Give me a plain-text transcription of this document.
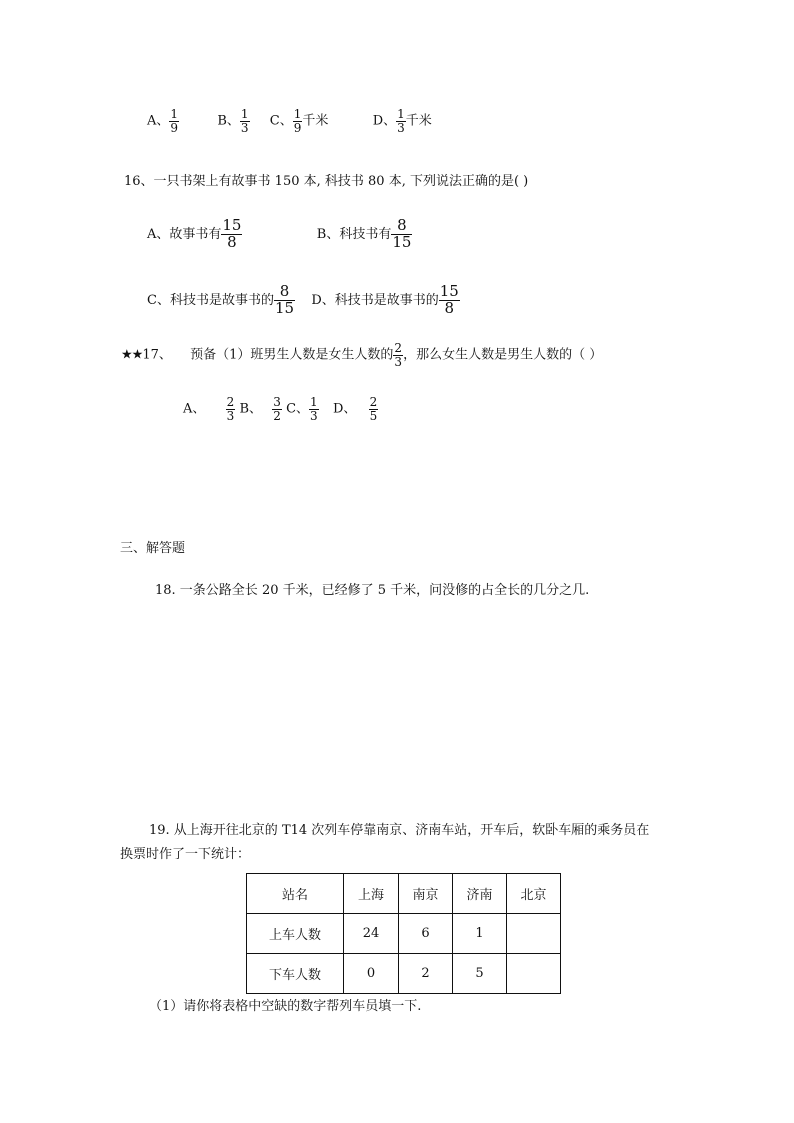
A、 $\frac{1}{9}$	B、 $\frac{1}{3}$ C、 $\frac{1}{9}$ 千米	D、 $\frac{1}{3}$ 千米
16、一只书架上有故事书 150 本, 科技书 80 本, 下列说法正确的是( )
A、故事书有 $\frac{15}{8}$	B、科技书有 $\frac{8}{15}$
C、科技书是故事书的 $\frac{8}{15}$ D、科技书是故事书的 $\frac{15}{8}$
★★17、 预备（1）班男生人数是女生人数的 $\frac{2}{3}$ ，那么女生人数是男生人数的（ ）
A、 $\frac{2}{3}$ B、 $\frac{3}{2}$ C、 $\frac{1}{3}$ D、 $\frac{2}{5}$
三、解答题
18. 一条公路全长 20 千米，已经修了 5 千米，问没修的占全长的几分之几.
19. 从上海开往北京的 T14 次列车停靠南京、济南车站，开车后，软卧车厢的乘务员在
换票时作了一下统计：
站名	上海	南京	济南	北京
上车人数	24	6	1	
下车人数	0	2	5	
（1）请你将表格中空缺的数字帮列车员填一下.
